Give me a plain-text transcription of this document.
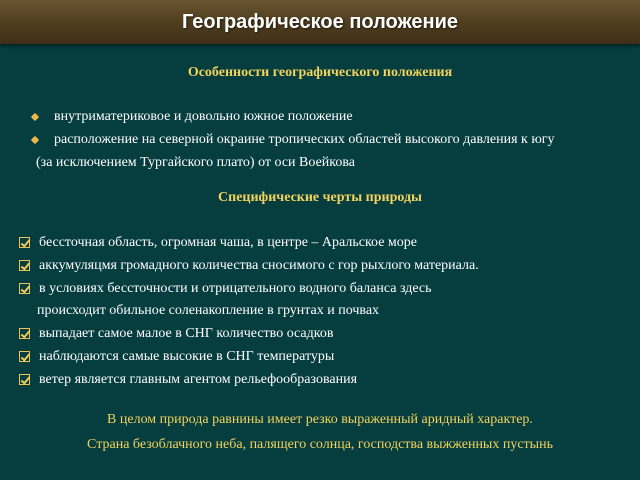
Географическое положение
Особенности географического положения
внутриматериковое и довольно южное положение
расположение на северной окраине тропических областей высокого давления к югу
(за исключением Тургайского плато) от оси Воейкова
Специфические черты природы
бессточная область, огромная чаша, в центре – Аральское море
аккумуляцмя громадного количества сносимого с гор рыхлого материала.
в условиях бессточности и отрицательного водного баланса здесь
происходит обильное соленакопление в грунтах и почвах
выпадает самое малое в СНГ количество осадков
наблюдаются самые высокие в СНГ температуры
ветер является главным агентом рельефообразования
В целом природа равнины имеет резко выраженный аридный характер.
Страна безоблачного неба, палящего солнца, господства выжженных пустынь
